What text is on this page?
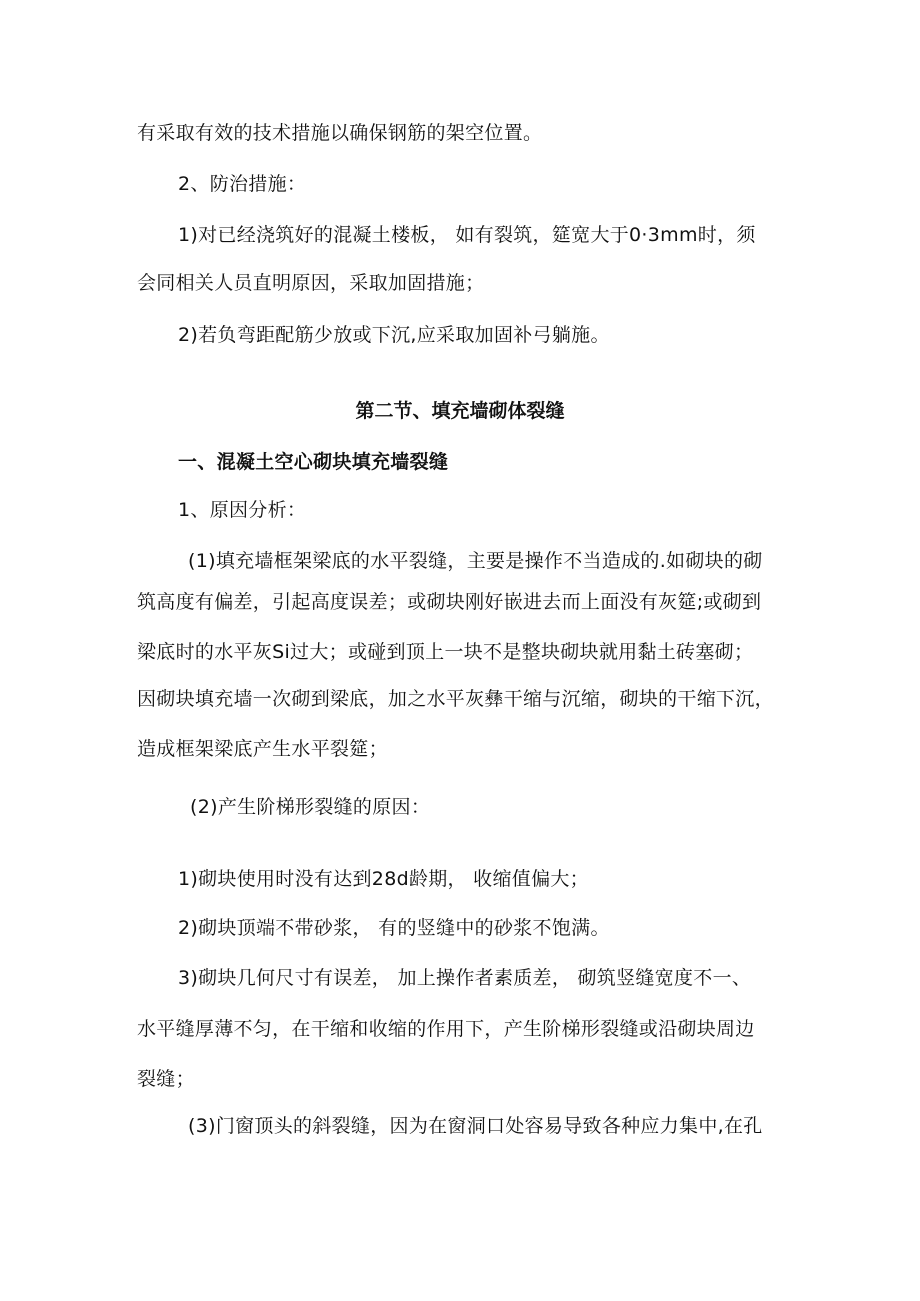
有采取有效的技术措施以确保钢筋的架空位置。
2、防治措施：
1)对已经浇筑好的混凝土楼板， 如有裂筑，筵宽大于0·3mm时，须
会同相关人员直明原因，采取加固措施；
2)若负弯距配筋少放或下沉,应采取加固补弓躺施。
第二节、填充墙砌体裂缝
一、混凝土空心砌块填充墙裂缝
1、原因分析：
(1)填充墙框架梁底的水平裂缝，主要是操作不当造成的.如砌块的砌
筑高度有偏差，引起高度误差；或砌块刚好嵌进去而上面没有灰筵;或砌到
梁底时的水平灰Si过大；或碰到顶上一块不是整块砌块就用黏土砖塞砌；
因砌块填充墙一次砌到梁底，加之水平灰彝干缩与沉缩，砌块的干缩下沉，
造成框架梁底产生水平裂筵；
(2)产生阶梯形裂缝的原因：
1)砌块使用时没有达到28d龄期， 收缩值偏大；
2)砌块顶端不带砂浆， 有的竖缝中的砂浆不饱满。
3)砌块几何尺寸有误差， 加上操作者素质差， 砌筑竖缝宽度不一、
水平缝厚薄不匀，在干缩和收缩的作用下，产生阶梯形裂缝或沿砌块周边
裂缝；
(3)门窗顶头的斜裂缝，因为在窗洞口处容易导致各种应力集中,在孔
